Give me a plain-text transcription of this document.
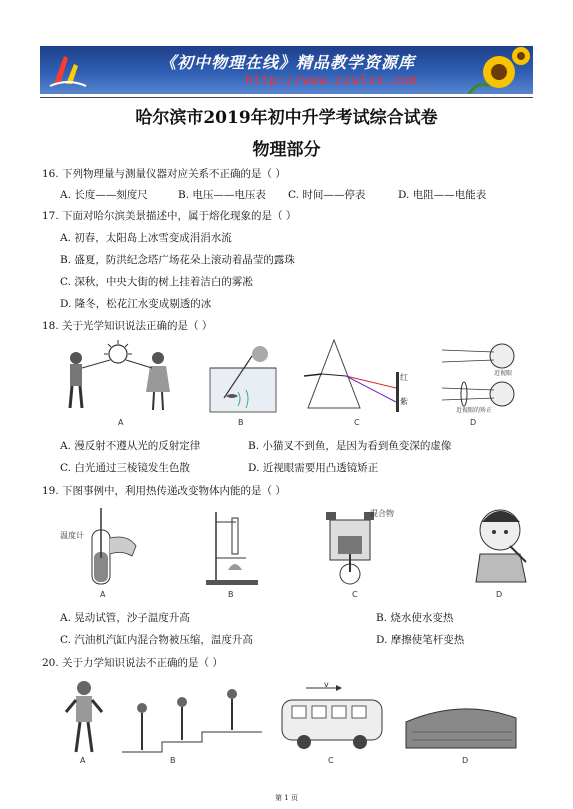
《初中物理在线》精品教学资源库
http://www.czwlzx.com
哈尔滨市2019年初中升学考试综合试卷
物理部分
16. 下列物理量与测量仪器对应关系不正确的是（ ）
A. 长度——刻度尺	B. 电压——电压表 C. 时间——停表	D. 电阻——电能表
17. 下面对哈尔滨美景描述中，属于熔化现象的是（ ）
A. 初春，太阳岛上冰雪变成涓涓水流
B. 盛夏，防洪纪念塔广场花朵上滚动着晶莹的露珠
C. 深秋，中央大街的树上挂着洁白的雾凇
D. 隆冬，松花江水变成剔透的冰
18. 关于光学知识说法正确的是（ ）
A	B
红
紫
C
近视眼
近视眼的矫正
D
A. 漫反射不遵从光的反射定律	B. 小猫叉不到鱼，是因为看到鱼变深的虚像
C. 白光通过三棱镜发生色散	D. 近视眼需要用凸透镜矫正
19. 下图事例中，利用热传递改变物体内能的是（ ）
温度计
A	B
混合物
C	D
A. 晃动试管，沙子温度升高	B. 烧水使水变热
C. 汽油机汽缸内混合物被压缩，温度升高	D. 摩擦使笔杆变热
20. 关于力学知识说法不正确的是（ ）
A	B
v
C	D
第 1 页
